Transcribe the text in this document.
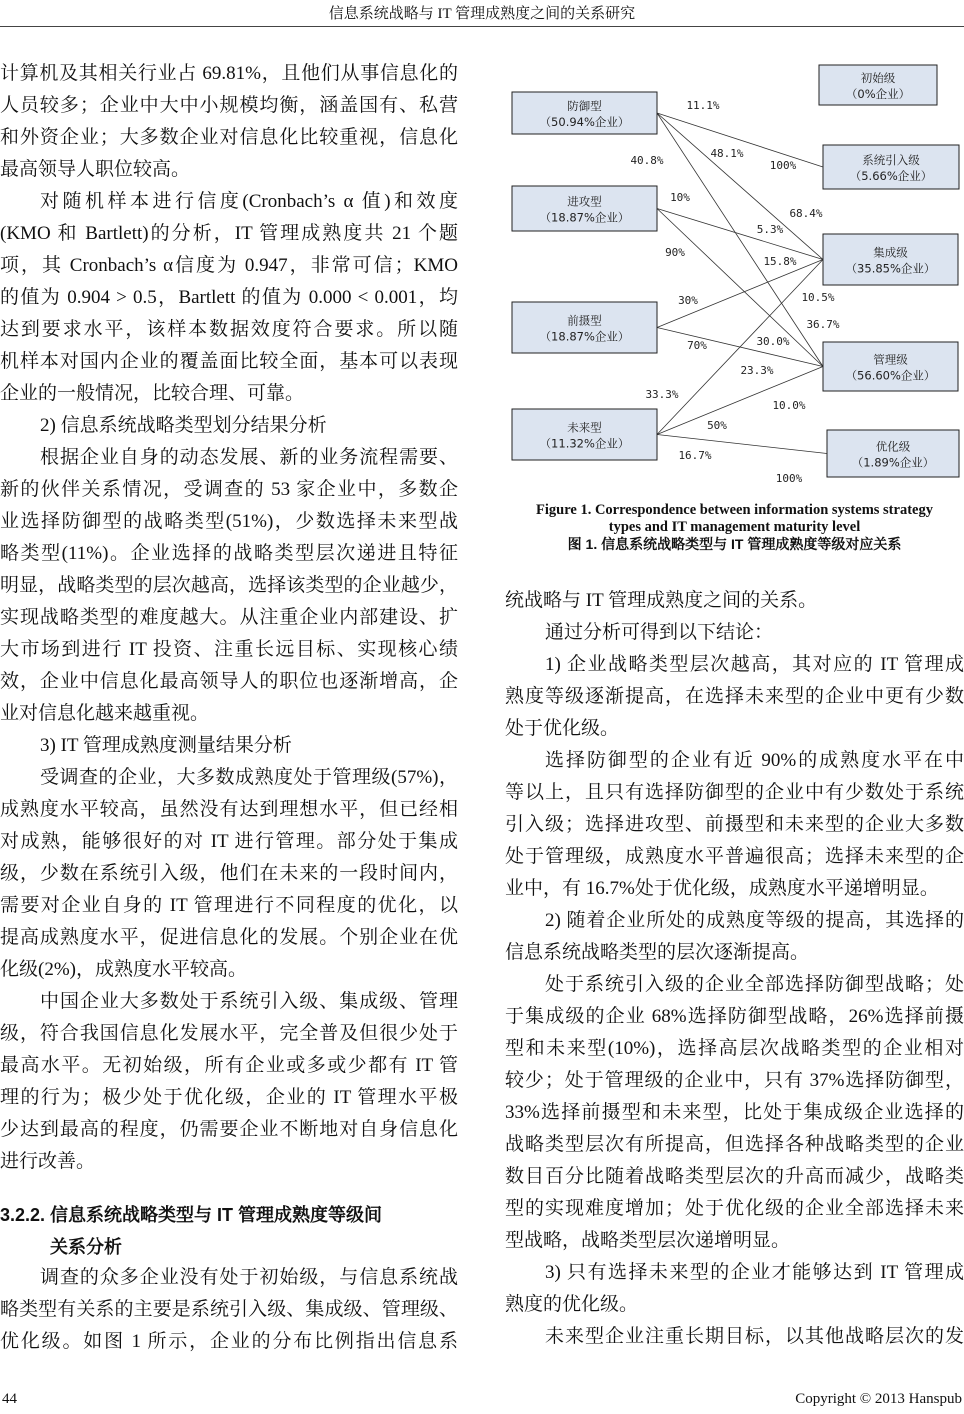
信息系统战略与 IT 管理成熟度之间的关系研究
计算机及其相关行业占 69.81%，且他们从事信息化的
人员较多；企业中大中小规模均衡，涵盖国有、私营
和外资企业；大多数企业对信息化比较重视，信息化
最高领导人职位较高。
对随机样本进行信度(Cronbach’s α 值)和效度
(KMO 和 Bartlett)的分析，IT 管理成熟度共 21 个题
项，其 Cronbach’s α信度为 0.947，非常可信；KMO
的值为 0.904 > 0.5，Bartlett 的值为 0.000 < 0.001，均
达到要求水平，该样本数据效度符合要求。所以随
机样本对国内企业的覆盖面比较全面，基本可以表现
企业的一般情况，比较合理、可靠。
2) 信息系统战略类型划分结果分析
根据企业自身的动态发展、新的业务流程需要、
新的伙伴关系情况，受调查的 53 家企业中，多数企
业选择防御型的战略类型(51%)，少数选择未来型战
略类型(11%)。企业选择的战略类型层次递进且特征
明显，战略类型的层次越高，选择该类型的企业越少，
实现战略类型的难度越大。从注重企业内部建设、扩
大市场到进行 IT 投资、注重长远目标、实现核心绩
效，企业中信息化最高领导人的职位也逐渐增高，企
业对信息化越来越重视。
3) IT 管理成熟度测量结果分析
受调查的企业，大多数成熟度处于管理级(57%)，
成熟度水平较高，虽然没有达到理想水平，但已经相
对成熟，能够很好的对 IT 进行管理。部分处于集成
级，少数在系统引入级，他们在未来的一段时间内，
需要对企业自身的 IT 管理进行不同程度的优化，以
提高成熟度水平，促进信息化的发展。个别企业在优
化级(2%)，成熟度水平较高。
中国企业大多数处于系统引入级、集成级、管理
级，符合我国信息化发展水平，完全普及但很少处于
最高水平。无初始级，所有企业或多或少都有 IT 管
理的行为；极少处于优化级，企业的 IT 管理水平极
少达到最高的程度，仍需要企业不断地对自身信息化
进行改善。
3.2.2. 信息系统战略类型与 IT 管理成熟度等级间
关系分析
调查的众多企业没有处于初始级，与信息系统战
略类型有关系的主要是系统引入级、集成级、管理级、
优化级。如图 1 所示，企业的分布比例指出信息系
统战略与 IT 管理成熟度之间的关系。
通过分析可得到以下结论：
1) 企业战略类型层次越高，其对应的 IT 管理成
熟度等级逐渐提高，在选择未来型的企业中更有少数
处于优化级。
选择防御型的企业有近 90%的成熟度水平在中
等以上，且只有选择防御型的企业中有少数处于系统
引入级；选择进攻型、前摄型和未来型的企业大多数
处于管理级，成熟度水平普遍很高；选择未来型的企
业中，有 16.7%处于优化级，成熟度水平递增明显。
2) 随着企业所处的成熟度等级的提高，其选择的
信息系统战略类型的层次逐渐提高。
处于系统引入级的企业全部选择防御型战略；处
于集成级的企业 68%选择防御型战略，26%选择前摄
型和未来型(10%)，选择高层次战略类型的企业相对
较少；处于管理级的企业中，只有 37%选择防御型，
33%选择前摄型和未来型，比处于集成级企业选择的
战略类型层次有所提高，但选择各种战略类型的企业
数目百分比随着战略类型层次的升高而减少，战略类
型的实现难度增加；处于优化级的企业全部选择未来
型战略，战略类型层次递增明显。
3) 只有选择未来型的企业才能够达到 IT 管理成
熟度的优化级。
未来型企业注重长期目标，以其他战略层次的发
防御型
（50.94%企业）
进攻型
（18.87%企业）
前摄型
（18.87%企业）
未来型
（11.32%企业）
初始级
（0%企业）
系统引入级
（5.66%企业）
集成级
（35.85%企业）
管理级
（56.60%企业）
优化级
（1.89%企业）
11.1%
48.1%
40.8%	100%
10%
68.4%
5.3%
90%
15.8%
30%	10.5%
36.7%
70%	30.0%
23.3%
33.3%
10.0%
50%
16.7%
100%
Figure 1. Correspondence between information systems strategy
types and IT management maturity level
图 1. 信息系统战略类型与 IT 管理成熟度等级对应关系
44	Copyright © 2013 Hanspub
